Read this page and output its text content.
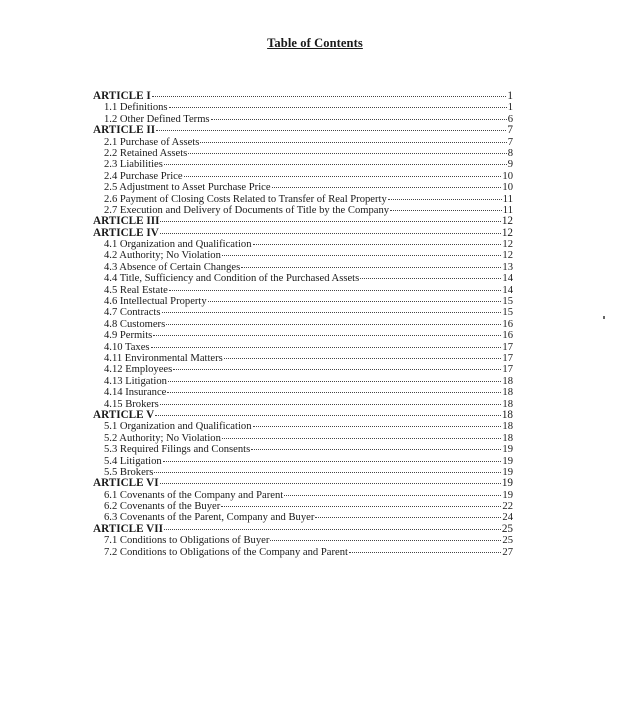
Table of Contents
ARTICLE I	1
1.1 Definitions	1
1.2 Other Defined Terms	6
ARTICLE II	7
2.1 Purchase of Assets	7
2.2 Retained Assets	8
2.3 Liabilities	9
2.4 Purchase Price	10
2.5 Adjustment to Asset Purchase Price	10
2.6 Payment of Closing Costs Related to Transfer of Real Property	11
2.7 Execution and Delivery of Documents of Title by the Company	11
ARTICLE III	12
ARTICLE IV	12
4.1 Organization and Qualification	12
4.2 Authority; No Violation	12
4.3 Absence of Certain Changes	13
4.4 Title, Sufficiency and Condition of the Purchased Assets	14
4.5 Real Estate	14
4.6 Intellectual Property	15
4.7 Contracts	15
4.8 Customers	16
4.9 Permits	16
4.10 Taxes	17
4.11 Environmental Matters	17
4.12 Employees	17
4.13 Litigation	18
4.14 Insurance	18
4.15 Brokers	18
ARTICLE V	18
5.1 Organization and Qualification	18
5.2 Authority; No Violation	18
5.3 Required Filings and Consents	19
5.4 Litigation	19
5.5 Brokers	19
ARTICLE VI	19
6.1 Covenants of the Company and Parent	19
6.2 Covenants of the Buyer	22
6.3 Covenants of the Parent, Company and Buyer	24
ARTICLE VII	25
7.1 Conditions to Obligations of Buyer	25
7.2 Conditions to Obligations of the Company and Parent	27
